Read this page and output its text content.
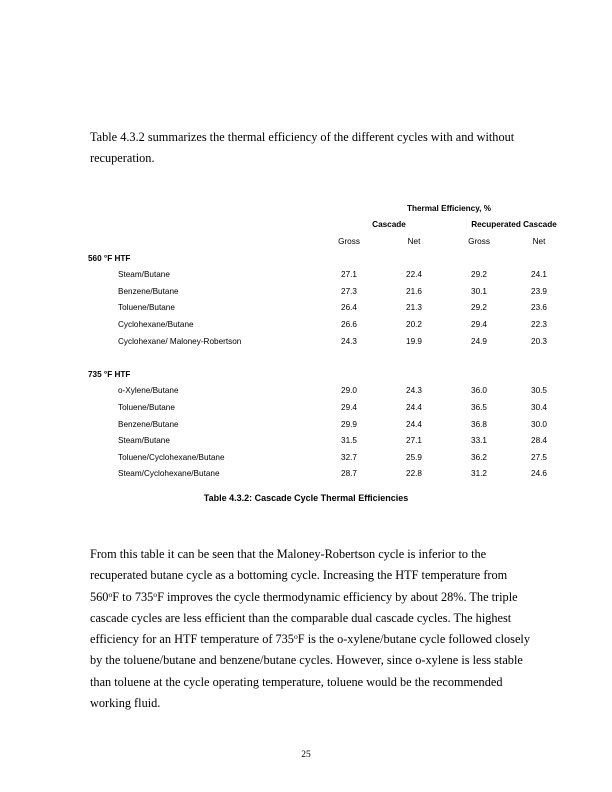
Table 4.3.2 summarizes the thermal efficiency of the different cycles with and without recuperation.

	Thermal Efficiency, %			
	Cascade		Recuperated Cascade	
	Gross	Net	Gross	Net
560 °F HTF				
Steam/Butane	27.1	22.4	29.2	24.1
Benzene/Butane	27.3	21.6	30.1	23.9
Toluene/Butane	26.4	21.3	29.2	23.6
Cyclohexane/Butane	26.6	20.2	29.4	22.3
Cyclohexane/ Maloney-Robertson	24.3	19.9	24.9	20.3

735 °F HTF				
o-Xylene/Butane	29.0	24.3	36.0	30.5
Toluene/Butane	29.4	24.4	36.5	30.4
Benzene/Butane	29.9	24.4	36.8	30.0
Steam/Butane	31.5	27.1	33.1	28.4
Toluene/Cyclohexane/Butane	32.7	25.9	36.2	27.5
Steam/Cyclohexane/Butane	28.7	22.8	31.2	24.6

Table 4.3.2: Cascade Cycle Thermal Efficiencies

From this table it can be seen that the Maloney-Robertson cycle is inferior to the recuperated butane cycle as a bottoming cycle. Increasing the HTF temperature from 560$^o$F to 735$^o$F improves the cycle thermodynamic efficiency by about 28%. The triple cascade cycles are less efficient than the comparable dual cascade cycles. The highest efficiency for an HTF temperature of 735$^o$F is the o-xylene/butane cycle followed closely by the toluene/butane and benzene/butane cycles. However, since o-xylene is less stable than toluene at the cycle operating temperature, toluene would be the recommended working fluid.

25
